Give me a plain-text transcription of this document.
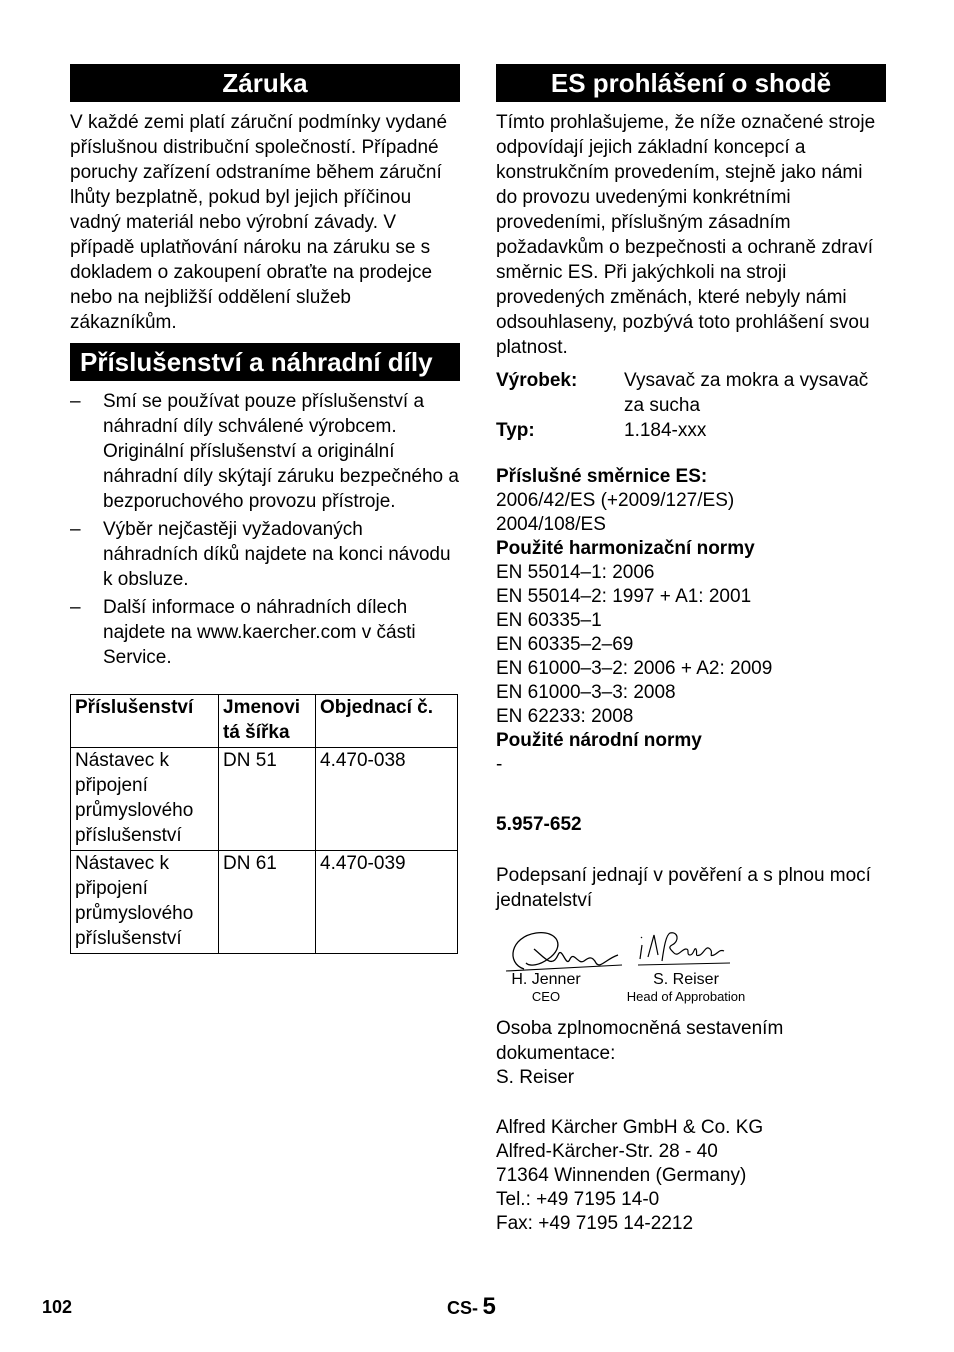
Záruka

V každé zemi platí záruční podmínky vydané příslušnou distribuční společností. Případné poruchy zařízení odstraníme během záruční lhůty bezplatně, pokud byl jejich příčinou vadný materiál nebo výrobní závady. V případě uplatňování nároku na záruku se s dokladem o zakoupení obraťte na prodejce nebo na nejbližší oddělení služeb zákazníkům.

Příslušenství a náhradní díly
– Smí se používat pouze příslušenství a náhradní díly schválené výrobcem. Originální příslušenství a originální náhradní díly skýtají záruku bezpečného a bezporuchového provozu přístroje.
– Výběr nejčastěji vyžadovaných náhradních díků najdete na konci návodu k obsluze.
– Další informace o náhradních dílech najdete na www.kaercher.com v části Service.
Příslušenství	Jmenovi tá šířka	Objednací č.
Nástavec k připojení průmyslového příslušenství	DN 51	4.470-038
Nástavec k připojení průmyslového příslušenství	DN 61	4.470-039
ES prohlášení o shodě

Tímto prohlašujeme, že níže označené stroje odpovídají jejich základní koncepcí a konstrukčním provedením, stejně jako námi do provozu uvedenými konkrétními provedeními, příslušným zásadním požadavkům o bezpečnosti a ochraně zdraví směrnic ES. Při jakýchkoli na stroji provedených změnách, které nebyly námi odsouhlaseny, pozbývá toto prohlášení svou platnost.

Výrobek:	Vysavač za mokra a vysavač za sucha
Typ:	1.184-xxx
Příslušné směrnice ES:
2006/42/ES (+2009/127/ES)
2004/108/ES
Použité harmonizační normy
EN 55014–1: 2006
EN 55014–2: 1997 + A1: 2001
EN 60335–1
EN 60335–2–69
EN 61000–3–2: 2006 + A2: 2009
EN 61000–3–3: 2008
EN 62233: 2008
Použité národní normy
-
5.957-652

Podepsaní jednají v pověření a s plnou mocí jednatelství

H. Jenner
CEO
S. Reiser
Head of Approbation

Osoba zplnomocněná sestavením dokumentace:

S. Reiser
Alfred Kärcher GmbH & Co. KG
Alfred-Kärcher-Str. 28 - 40
71364 Winnenden (Germany)
Tel.: +49 7195 14-0
Fax: +49 7195 14-2212
102	CS- 5
